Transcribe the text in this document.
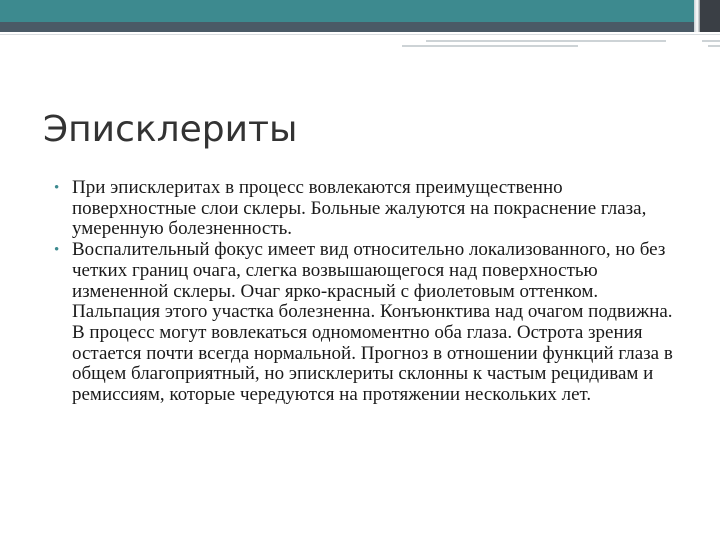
Эписклериты
• При эписклеритах в процесс вовлекаются преимущественно поверхностные слои склеры. Больные жалуются на покраснение глаза, умеренную болезненность.
• Воспалительный фокус имеет вид относительно локализованного, но без четких границ очага, слегка возвышающегося над поверхностью измененной склеры. Очаг ярко-красный с фиолетовым оттенком. Пальпация этого участка болезненна. Конъюнктива над очагом подвижна. В процесс могут вовлекаться одномоментно оба глаза. Острота зрения остается почти всегда нормальной. Прогноз в отношении функций глаза в общем благоприятный, но эписклериты склонны к частым рецидивам и ремиссиям, которые чередуются на протяжении нескольких лет.
